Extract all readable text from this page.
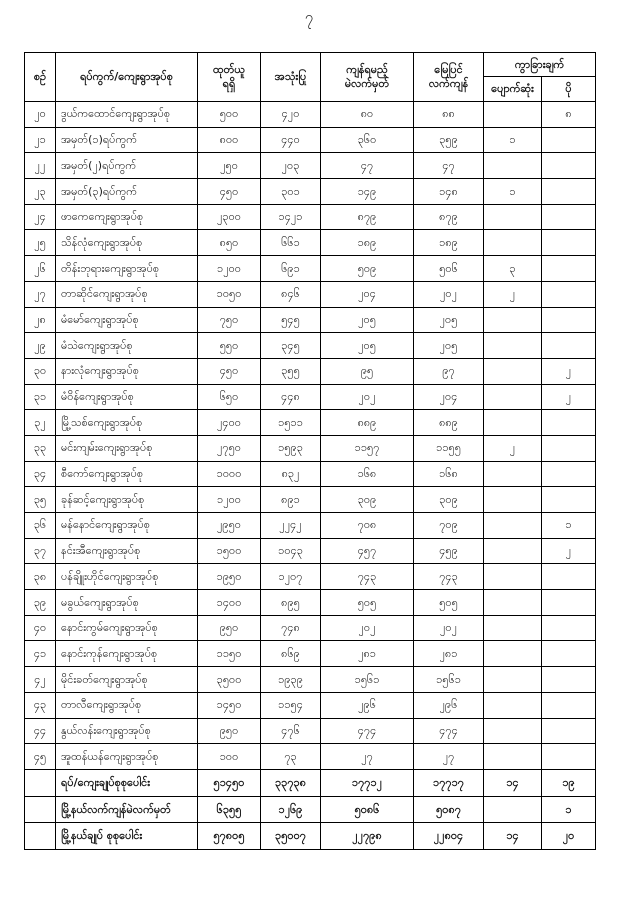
၇
စဉ်	ရပ်ကွက်/ကျေးရွာအုပ်စု	
ထုတ်ယူ
ရရှိ
	အသုံးပြု	
ကျန်ရမည့်
မဲလက်မှတ်

မြေပြင်
လက်ကျန်
	ကွာခြားချက်
						ပျောက်ဆုံး	ပို
၂၀	ဒွယ်ကထောင်ကျေးရွာအုပ်စု	၅၀၀	၄၂၀	၈၀	၈၈		၈
၂၁	အမှတ်(၁)ရပ်ကွက်	၈၀၀	၄၄၀	၃၆၀	၃၅၉	၁	
၂၂	အမှတ်(၂)ရပ်ကွက်	၂၅၀	၂၀၃	၄၇	၄၇		
၂၃	အမှတ်(၃)ရပ်ကွက်	၄၅၀	၃၀၁	၁၄၉	၁၄၈	၁	
၂၄	ဖာကေကျေးရွာအုပ်စု	၂၃၀၀	၁၄၂၁	၈၇၉	၈၇၉		
၂၅	သိန်လုံကျေးရွာအုပ်စု	၈၅၀	၆၆၁	၁၈၉	၁၈၉		
၂၆	တိန်းဘုရားကျေးရွာအုပ်စု	၁၂၀၀	၆၉၁	၅၀၉	၅၀၆	၃	
၂၇	တာဆိုင်ကျေးရွာအုပ်စု	၁၀၅၀	၈၄၆	၂၀၄	၂၀၂	၂	
၂၈	မံမော်ကျေးရွာအုပ်စု	၇၅၀	၅၄၅	၂၀၅	၂၀၅		
၂၉	မံသဲကျေးရွာအုပ်စု	၅၅၀	၃၄၅	၂၀၅	၂၀၅		
၃၀	နားလုံကျေးရွာအုပ်စု	၄၅၀	၃၅၅	၉၅	၉၇		၂
၃၁	မံဝိန်ကျေးရွာအုပ်စု	၆၅၀	၄၄၈	၂၀၂	၂၀၄		၂
၃၂	မြို့သစ်ကျေးရွာအုပ်စု	၂၄၀၀	၁၅၁၁	၈၈၉	၈၈၉		
၃၃	မင်းကျမ်းကျေးရွာအုပ်စု	၂၇၅၀	၁၅၉၃	၁၁၅၇	၁၁၅၅	၂	
၃၄	စီကော်ကျေးရွာအုပ်စု	၁၀၀၀	၈၃၂	၁၆၈	၁၆၈		
၃၅	ခုန်ဆင့်ကျေးရွာအုပ်စု	၁၂၀၀	၈၉၁	၃၀၉	၃၀၉		
၃၆	မန်နောင်ကျေးရွာအုပ်စု	၂၉၅၀	၂၂၄၂	၇၀၈	၇၀၉		၁
၃၇	နင်းအီကျေးရွာအုပ်စု	၁၅၀၀	၁၀၄၃	၄၅၇	၄၅၉		၂
၃၈	ပန်ချိူးဟိုင်ကျေးရွာအုပ်စု	၁၉၅၀	၁၂၀၇	၇၄၃	၇၄၃		
၃၉	မခွယ်ကျေးရွာအုပ်စု	၁၄၀၀	၈၉၅	၅၀၅	၅၀၅		
၄၀	နောင်းကွမ်ကျေးရွာအုပ်စု	၉၅၀	၇၄၈	၂၀၂	၂၀၂		
၄၁	နောင်းကုန်ကျေးရွာအုပ်စု	၁၁၅၀	၈၆၉	၂၈၁	၂၈၁		
၄၂	မိုင်းခတ်ကျေးရွာအုပ်စု	၃၅၀၀	၁၉၃၉	၁၅၆၁	၁၅၆၁		
၄၃	တာလီကျေးရွာအုပ်စု	၁၄၅၀	၁၁၅၄	၂၉၆	၂၉၆		
၄၄	နွယ်လန်းကျေးရွာအုပ်စု	၉၅၀	၄၇၆	၄၇၄	၄၇၄		
၄၅	အူထန်ယန်ကျေးရွာအုပ်စု	၁၀၀	၇၃	၂၇	၂၇		
	ရပ်/ကျေးချုပ်စုစုပေါင်း	၅၁၄၅၀	၃၃၇၃၈	၁၇၇၁၂	၁၇၇၁၇	၁၄	၁၉
	မြို့နယ်လက်ကျန်မဲလက်မှတ်	၆၃၅၅	၁၂၆၉	၅၀၈၆	၅၀၈၇		၁
	မြို့နယ်ချုပ် စုစုပေါင်း	၅၇၈၀၅	၃၅၀၀၇	၂၂၇၉၈	၂၂၈၀၄	၁၄	၂၀
